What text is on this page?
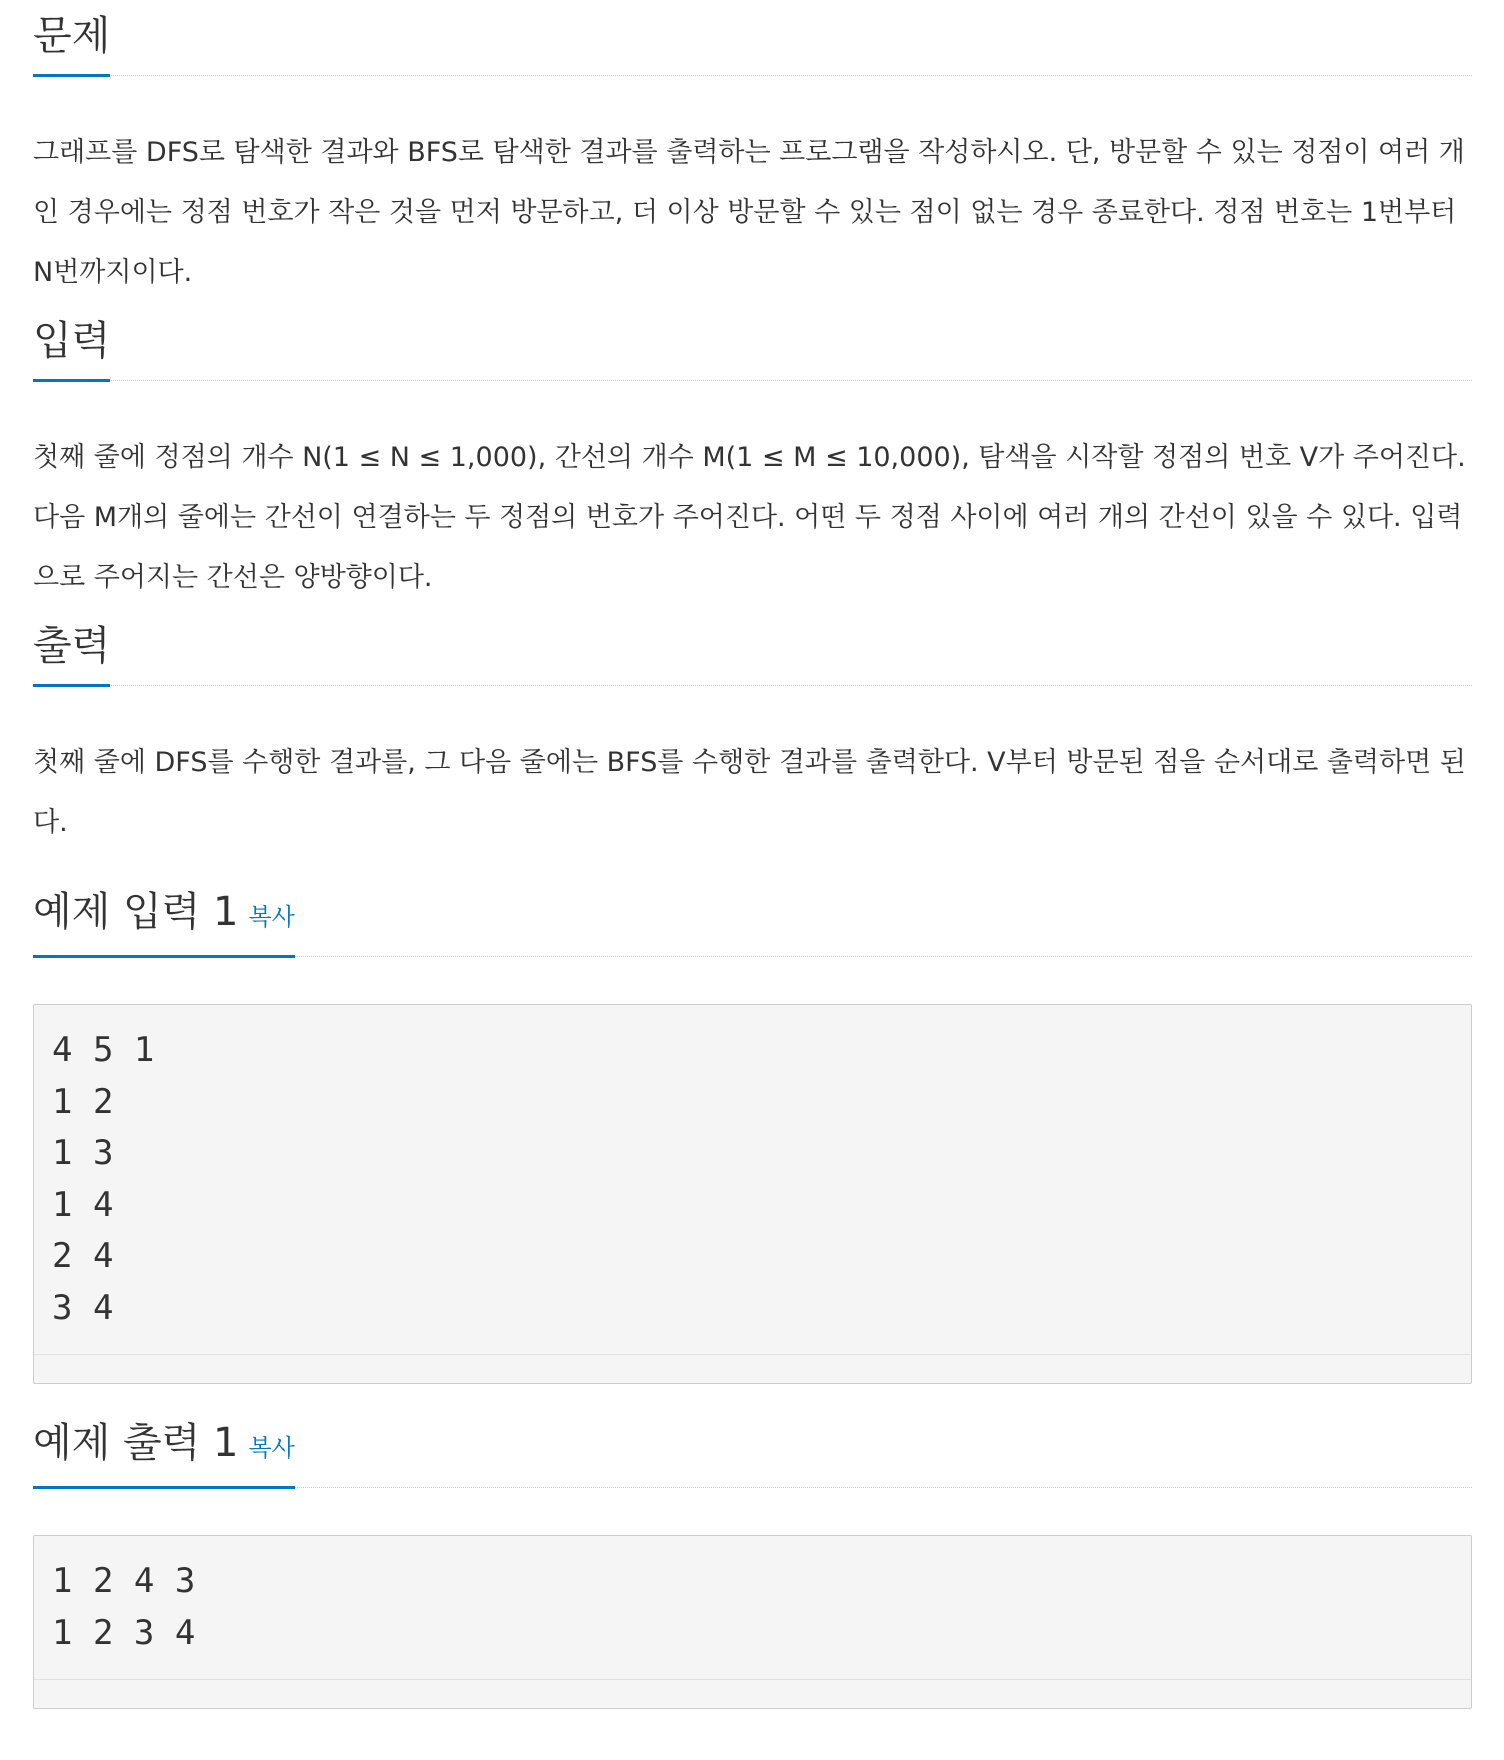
문제

그래프를 DFS로 탐색한 결과와 BFS로 탐색한 결과를 출력하는 프로그램을 작성하시오. 단, 방문할 수 있는 정점이 여러 개인 경우에는 정점 번호가 작은 것을 먼저 방문하고, 더 이상 방문할 수 있는 점이 없는 경우 종료한다. 정점 번호는 1번부터 N번까지이다.

입력

첫째 줄에 정점의 개수 N(1 ≤ N ≤ 1,000), 간선의 개수 M(1 ≤ M ≤ 10,000), 탐색을 시작할 정점의 번호 V가 주어진다. 다음 M개의 줄에는 간선이 연결하는 두 정점의 번호가 주어진다. 어떤 두 정점 사이에 여러 개의 간선이 있을 수 있다. 입력으로 주어지는 간선은 양방향이다.

출력

첫째 줄에 DFS를 수행한 결과를, 그 다음 줄에는 BFS를 수행한 결과를 출력한다. V부터 방문된 점을 순서대로 출력하면 된다.

예제 입력 1 복사
4 5 1
1 2
1 3
1 4
2 4
3 4
예제 출력 1 복사
1 2 4 3
1 2 3 4
